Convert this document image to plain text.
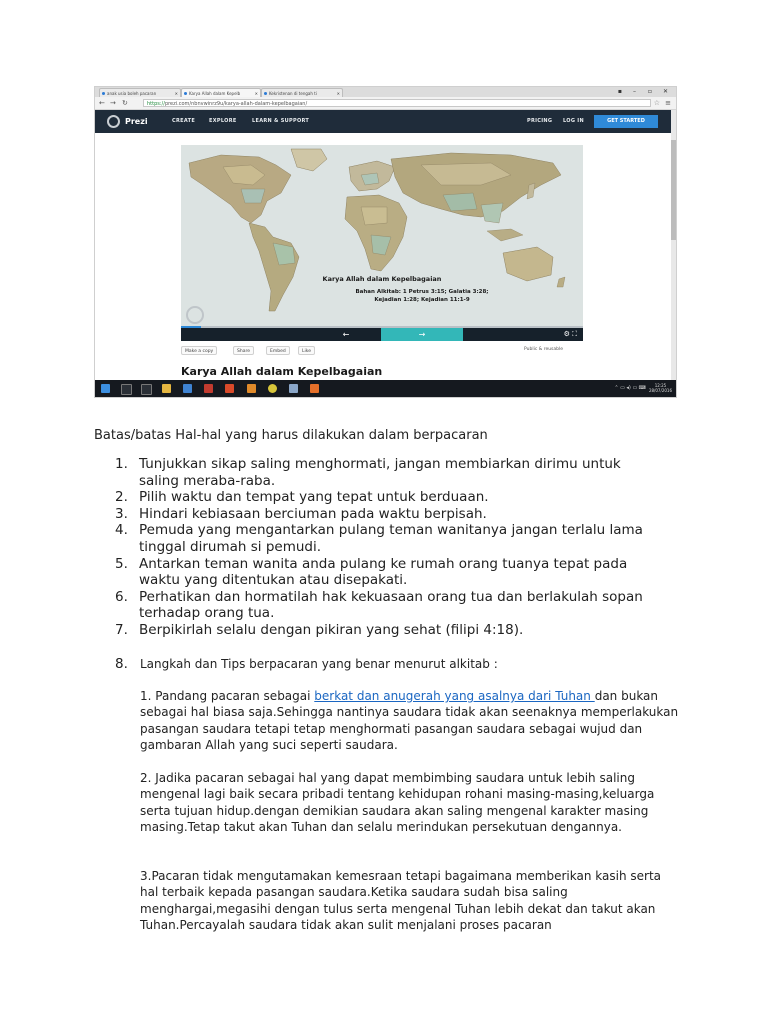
anak usia boleh pacaran	✕	Karya Allah dalam Kepelb	✕	Kekristenan di tengah ti	✕	▪ – ▫ ✕
← → ↻	https://prezi.com/nbnvwinrz9u/karya-allah-dalam-kepelbagaian/	☆ ≡
Prezi	CREATE	EXPLORE	LEARN & SUPPORT	PRICING LOG IN	GET STARTED
Karya Allah dalam Kepelbagaian
Bahan Alkitab: 1 Petrus 3:15; Galatia 3:28;
Kejadian 1:28; Kejadian 11:1-9
←	→	⚙ ⛶
Make a copy	Share	Embed	Like	Public & reusable
Karya Allah dalam Kepelbagaian
⌃ ▭ ◂) ▭ ⌨	12:25
28/07/2016
Batas/batas Hal-hal yang harus dilakukan dalam berpacaran
1. Tunjukkan sikap saling menghormati, jangan membiarkan dirimu untuk
saling meraba-raba.
2. Pilih waktu dan tempat yang tepat untuk berduaan.
3. Hindari kebiasaan berciuman pada waktu berpisah.
4. Pemuda yang mengantarkan pulang teman wanitanya jangan terlalu lama
tinggal dirumah si pemudi.
5. Antarkan teman wanita anda pulang ke rumah orang tuanya tepat pada
waktu yang ditentukan atau disepakati.
6. Perhatikan dan hormatilah hak kekuasaan orang tua dan berlakulah sopan
terhadap orang tua.
7. Berpikirlah selalu dengan pikiran yang sehat (filipi 4:18).
8. Langkah dan Tips berpacaran yang benar menurut alkitab :

1. Pandang pacaran sebagai berkat dan anugerah yang asalnya dari Tuhan dan bukan sebagai hal biasa saja.Sehingga nantinya saudara tidak akan seenaknya memperlakukan pasangan saudara tetapi tetap menghormati pasangan saudara sebagai wujud dan gambaran Allah yang suci seperti saudara.

2. Jadika pacaran sebagai hal yang dapat membimbing saudara untuk lebih saling mengenal lagi baik secara pribadi tentang kehidupan rohani masing-masing,keluarga serta tujuan hidup.dengan demikian saudara akan saling mengenal karakter masing masing.Tetap takut akan Tuhan dan selalu merindukan persekutuan dengannya.

3.Pacaran tidak mengutamakan kemesraan tetapi bagaimana memberikan kasih serta hal terbaik kepada pasangan saudara.Ketika saudara sudah bisa saling menghargai,megasihi dengan tulus serta mengenal Tuhan lebih dekat dan takut akan Tuhan.Percayalah saudara tidak akan sulit menjalani proses pacaran
